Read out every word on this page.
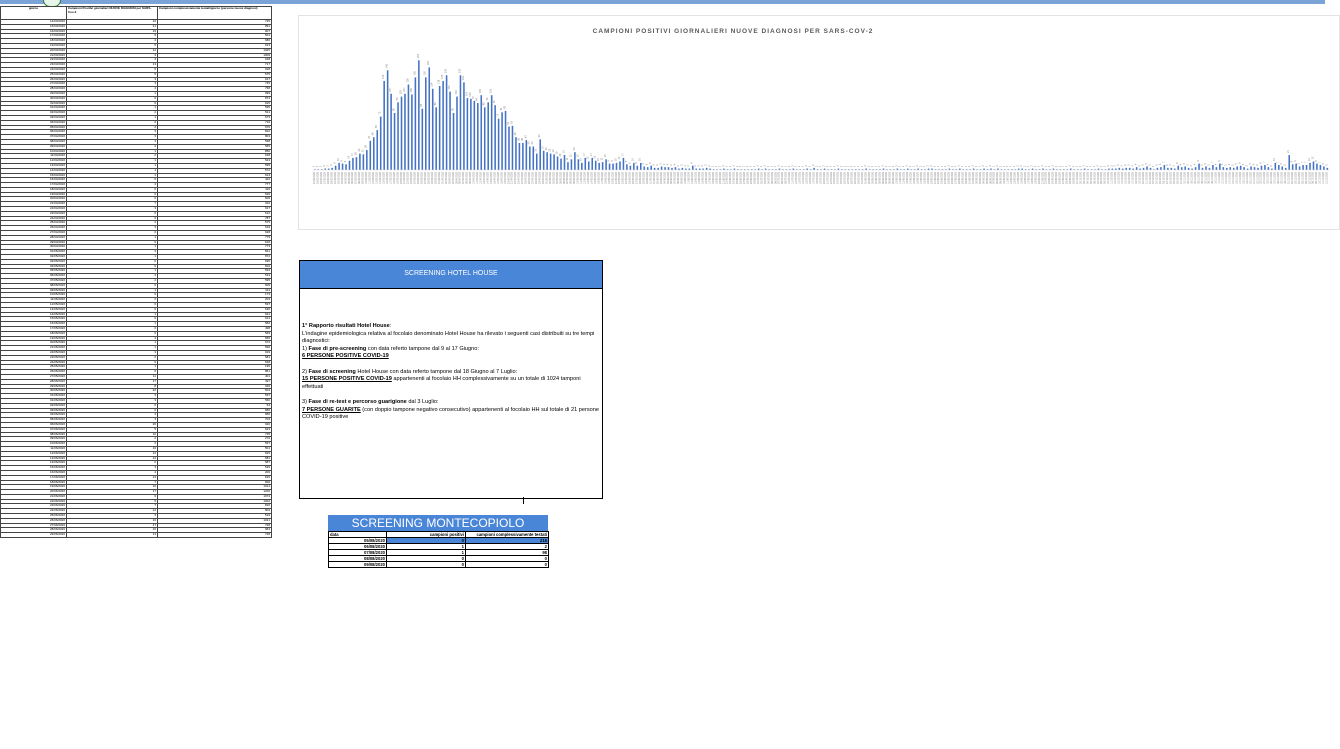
giorno	Campioni Positivi giornalieri NUOVE DIAGNOSI per SARS-Cov-2	Campioni complessivamente testati/giorno (persone nuove diagnosi)
14/03/2020	16	745
15/03/2020	21	891
16/03/2020	19	907
17/03/2020	9	501
18/03/2020	4	680
19/03/2020	5	913
20/03/2020	12	1025
21/03/2020	3	1009
22/03/2020	4	918
23/03/2020	13	717
24/03/2020	6	918
25/03/2020	5	575
26/03/2020	3	917
27/03/2020	3	745
28/03/2020	4	768
29/03/2020	1	999
30/03/2020	6	873
31/03/2020	6	915
01/04/2020	1	595
02/04/2020	2	521
03/04/2020	1	673
04/04/2020	0	716
05/04/2020	2	676
06/04/2020	3	822
07/04/2020	3	803
08/04/2020	4	598
09/04/2020	2	565
10/04/2020	1	850
11/04/2020	2	618
12/04/2020	1	523
13/04/2020	1	595
14/04/2020	1	572
15/04/2020	1	614
16/04/2020	0	422
17/04/2020	4	777
18/04/2020	0	410
19/04/2020	0	520
20/04/2020	0	600
21/04/2020	7	322
22/04/2020	3	917
23/04/2020	0	612
24/04/2020	0	787
25/04/2020	2	575
26/04/2020	3	619
27/04/2020	0	628
28/04/2020	1	779
29/04/2020	0	616
30/04/2020	1	773
01/05/2020	3	841
02/05/2020	1	872
03/05/2020	0	695
04/05/2020	0	602
05/05/2020	1	593
06/05/2020	4	513
07/05/2020	2	595
08/05/2020	0	609
09/05/2020	1	413
10/05/2020	0	173
11/05/2020	2	203
12/05/2020	0	597
13/05/2020	0	630
14/05/2020	1	621
15/05/2020	0	614
16/05/2020	1	582
17/05/2020	0	498
18/05/2020	0	569
19/05/2020	4	650
20/05/2020	1	672
21/05/2020	1	690
22/05/2020	3	919
23/05/2020	2	681
24/05/2020	0	528
25/05/2020	1	195
26/05/2020	0	861
27/05/2020	11	401
28/05/2020	17	497
29/05/2020	8	320
30/05/2020	22	504
31/05/2020	3	537
01/06/2020	3	560
02/06/2020	0	54
03/06/2020	0	680
04/06/2020	4	950
05/06/2020	3	704
06/06/2020	26	920
07/06/2020	5	623
08/06/2020	10	735
09/06/2020	2	270
10/06/2020	2	597
11/06/2020	10	501
12/06/2020	12	815
13/06/2020	12	681
14/06/2020	6	587
15/06/2020	3	529
16/06/2020	4	200
17/06/2020	13	815
18/06/2020	7	900
19/06/2020	10	1014
20/06/2020	17	1200
21/06/2020	9	1074
22/06/2020	5	1002
23/06/2020	7	816
24/06/2020	12	804
25/06/2020	3	519
26/06/2020	16	1021
27/06/2020	17	748
28/06/2020	10	963
29/06/2020	13	728
CAMPIONI POSITIVI GIORNALIERI NUOVE DIAGNOSI PER SARS-COV-2
1
24/02/2020
1
25/02/2020
1
26/02/2020
2
27/02/2020
2
28/02/2020
3
29/02/2020
6
01/03/2020
10
02/03/2020
9
03/03/2020
8
04/03/2020
13
05/03/2020
17
06/03/2020
18
07/03/2020
23
08/03/2020
22
09/03/2020
28
10/03/2020
41
11/03/2020
46
12/03/2020
56
13/03/2020
75
14/03/2020
125
15/03/2020
140
16/03/2020
107
17/03/2020
80
18/03/2020
95
19/03/2020
103
20/03/2020
107
21/03/2020
120
22/03/2020
106
23/03/2020
130
24/03/2020
154
25/03/2020
86
26/03/2020
130
27/03/2020
144
28/03/2020
114
29/03/2020
88
30/03/2020
118
31/03/2020
125
01/04/2020
133
02/04/2020
110
03/04/2020
80
04/04/2020
103
05/04/2020
133
06/04/2020
123
07/04/2020
101
08/04/2020
100
09/04/2020
97
10/04/2020
94
11/04/2020
105
12/04/2020
88
13/04/2020
95
14/04/2020
105
15/04/2020
91
16/04/2020
72
17/04/2020
81
18/04/2020
83
19/04/2020
61
20/04/2020
62
21/04/2020
46
22/04/2020
38
23/04/2020
38
24/04/2020
42
25/04/2020
33
26/04/2020
33
27/04/2020
23
28/04/2020
43
29/04/2020
27
30/04/2020
25
01/05/2020
23
02/05/2020
22
03/05/2020
19
04/05/2020
16
05/05/2020
21
06/05/2020
11
07/05/2020
15
08/05/2020
25
09/05/2020
15
10/05/2020
10
11/05/2020
17
12/05/2020
12
13/05/2020
17
14/05/2020
13
15/05/2020
10
16/05/2020
11
17/05/2020
15
18/05/2020
9
19/05/2020
9
20/05/2020
10
21/05/2020
12
22/05/2020
17
23/05/2020
8
24/05/2020
6
25/05/2020
10
26/05/2020
6
27/05/2020
10
28/05/2020
5
29/05/2020
4
30/05/2020
6
31/05/2020
3
01/06/2020
3
02/06/2020
5
03/06/2020
4
04/06/2020
4
05/06/2020
3
06/06/2020
4
07/06/2020
2
08/06/2020
3
09/06/2020
2
10/06/2020
2
11/06/2020
6
12/06/2020
2
13/06/2020
2
14/06/2020
2
15/06/2020
3
16/06/2020
2
17/06/2020
1
18/06/2020
1
19/06/2020
1
20/06/2020
2
21/06/2020
1
22/06/2020
1
23/06/2020
2
24/06/2020
1
25/06/2020
1
26/06/2020
1
27/06/2020
1
28/06/2020
1
29/06/2020
1
30/06/2020
2
01/07/2020
1
02/07/2020
2
03/07/2020
1
04/07/2020
1
05/07/2020
1
06/07/2020
2
07/07/2020
1
08/07/2020
1
09/07/2020
1
10/07/2020
2
11/07/2020
1
12/07/2020
1
13/07/2020
1
14/07/2020
2
15/07/2020
1
16/07/2020
3
17/07/2020
1
18/07/2020
1
19/07/2020
2
20/07/2020
1
21/07/2020
1
22/07/2020
1
23/07/2020
2
24/07/2020
1
25/07/2020
1
26/07/2020
1
27/07/2020
1
28/07/2020
1
29/07/2020
1
30/07/2020
1
31/07/2020
2
01/08/2020
1
02/08/2020
1
03/08/2020
1
04/08/2020
1
05/08/2020
2
06/08/2020
1
07/08/2020
1
08/08/2020
1
09/08/2020
2
10/08/2020
1
11/08/2020
1
12/08/2020
2
13/08/2020
1
14/08/2020
1
15/08/2020
2
16/08/2020
1
17/08/2020
1
18/08/2020
2
19/08/2020
2
20/08/2020
1
21/08/2020
1
22/08/2020
1
23/08/2020
1
24/08/2020
2
25/08/2020
1
26/08/2020
1
27/08/2020
2
28/08/2020
1
29/08/2020
1
30/08/2020
1
31/08/2020
2
01/09/2020
1
02/09/2020
1
03/09/2020
2
04/09/2020
1
05/09/2020
2
06/09/2020
1
07/09/2020
2
08/09/2020
1
09/09/2020
1
10/09/2020
1
11/09/2020
1
12/09/2020
1
13/09/2020
2
14/09/2020
2
15/09/2020
1
16/09/2020
1
17/09/2020
2
18/09/2020
1
19/09/2020
1
20/09/2020
2
21/09/2020
1
22/09/2020
1
23/09/2020
2
24/09/2020
1
25/09/2020
1
26/09/2020
1
27/09/2020
1
28/09/2020
2
29/09/2020
1
30/09/2020
1
01/10/2020
1
02/10/2020
2
03/10/2020
1
04/10/2020
1
05/10/2020
1
06/10/2020
2
07/10/2020
1
08/10/2020
1
09/10/2020
2
10/10/2020
2
11/10/2020
2
12/10/2020
3
13/10/2020
2
14/10/2020
3
15/10/2020
3
16/10/2020
2
17/10/2020
4
18/10/2020
2
19/10/2020
3
20/10/2020
5
21/10/2020
3
22/10/2020
1
23/10/2020
3
24/10/2020
4
25/10/2020
7
26/10/2020
3
27/10/2020
3
28/10/2020
2
29/10/2020
6
30/10/2020
4
31/10/2020
5
01/11/2020
3
02/11/2020
2
03/11/2020
4
04/11/2020
9
05/11/2020
3
06/11/2020
5
07/11/2020
3
08/11/2020
7
09/11/2020
4
10/11/2020
9
11/11/2020
4
12/11/2020
3
13/11/2020
4
14/11/2020
3
15/11/2020
5
16/11/2020
6
17/11/2020
4
18/11/2020
2
19/11/2020
5
20/11/2020
4
21/11/2020
3
22/11/2020
6
23/11/2020
7
24/11/2020
4
25/11/2020
2
26/11/2020
10
27/11/2020
7
28/11/2020
5
29/11/2020
3
30/11/2020
21
01/12/2020
8
02/12/2020
9
03/12/2020
5
04/12/2020
7
05/12/2020
7
06/12/2020
10
07/12/2020
12
08/12/2020
9
09/12/2020
7
10/12/2020
5
11/12/2020
3
12/12/2020
SCREENING HOTEL HOUSE

1° Rapporto risultati Hotel House:

L'indagine epidemiologica relativa al focolaio denominato Hotel House ha rilevato i seguenti casi distribuiti su tre tempi diagnostici:

1) Fase di pre-screening con data referto tampone dal 9 al 17 Giugno:

6 PERSONE POSITIVE COVID-19

2) Fase di screening Hotel House con data referto tampone dal 18 Giugno al 7 Luglio:

15 PERSONE POSITIVE COVID-19 appartenenti al focolaio HH complessivamente su un totale di 1024 tamponi effettuati

3) Fase di re-test e percorso guarigione dal 3 Luglio:

7 PERSONE GUARITE (con doppio tampone negativo consecutivo) appartenenti al focolaio HH sul totale di 21 persone COVID-19 positive

SCREENING MONTECOPIOLO
data	campioni positivi	campioni complessivamente testati
05/08/2020	0	216
06/08/2020	1	2
07/08/2020	1	98
08/08/2020	0	0
09/08/2020	0	0
